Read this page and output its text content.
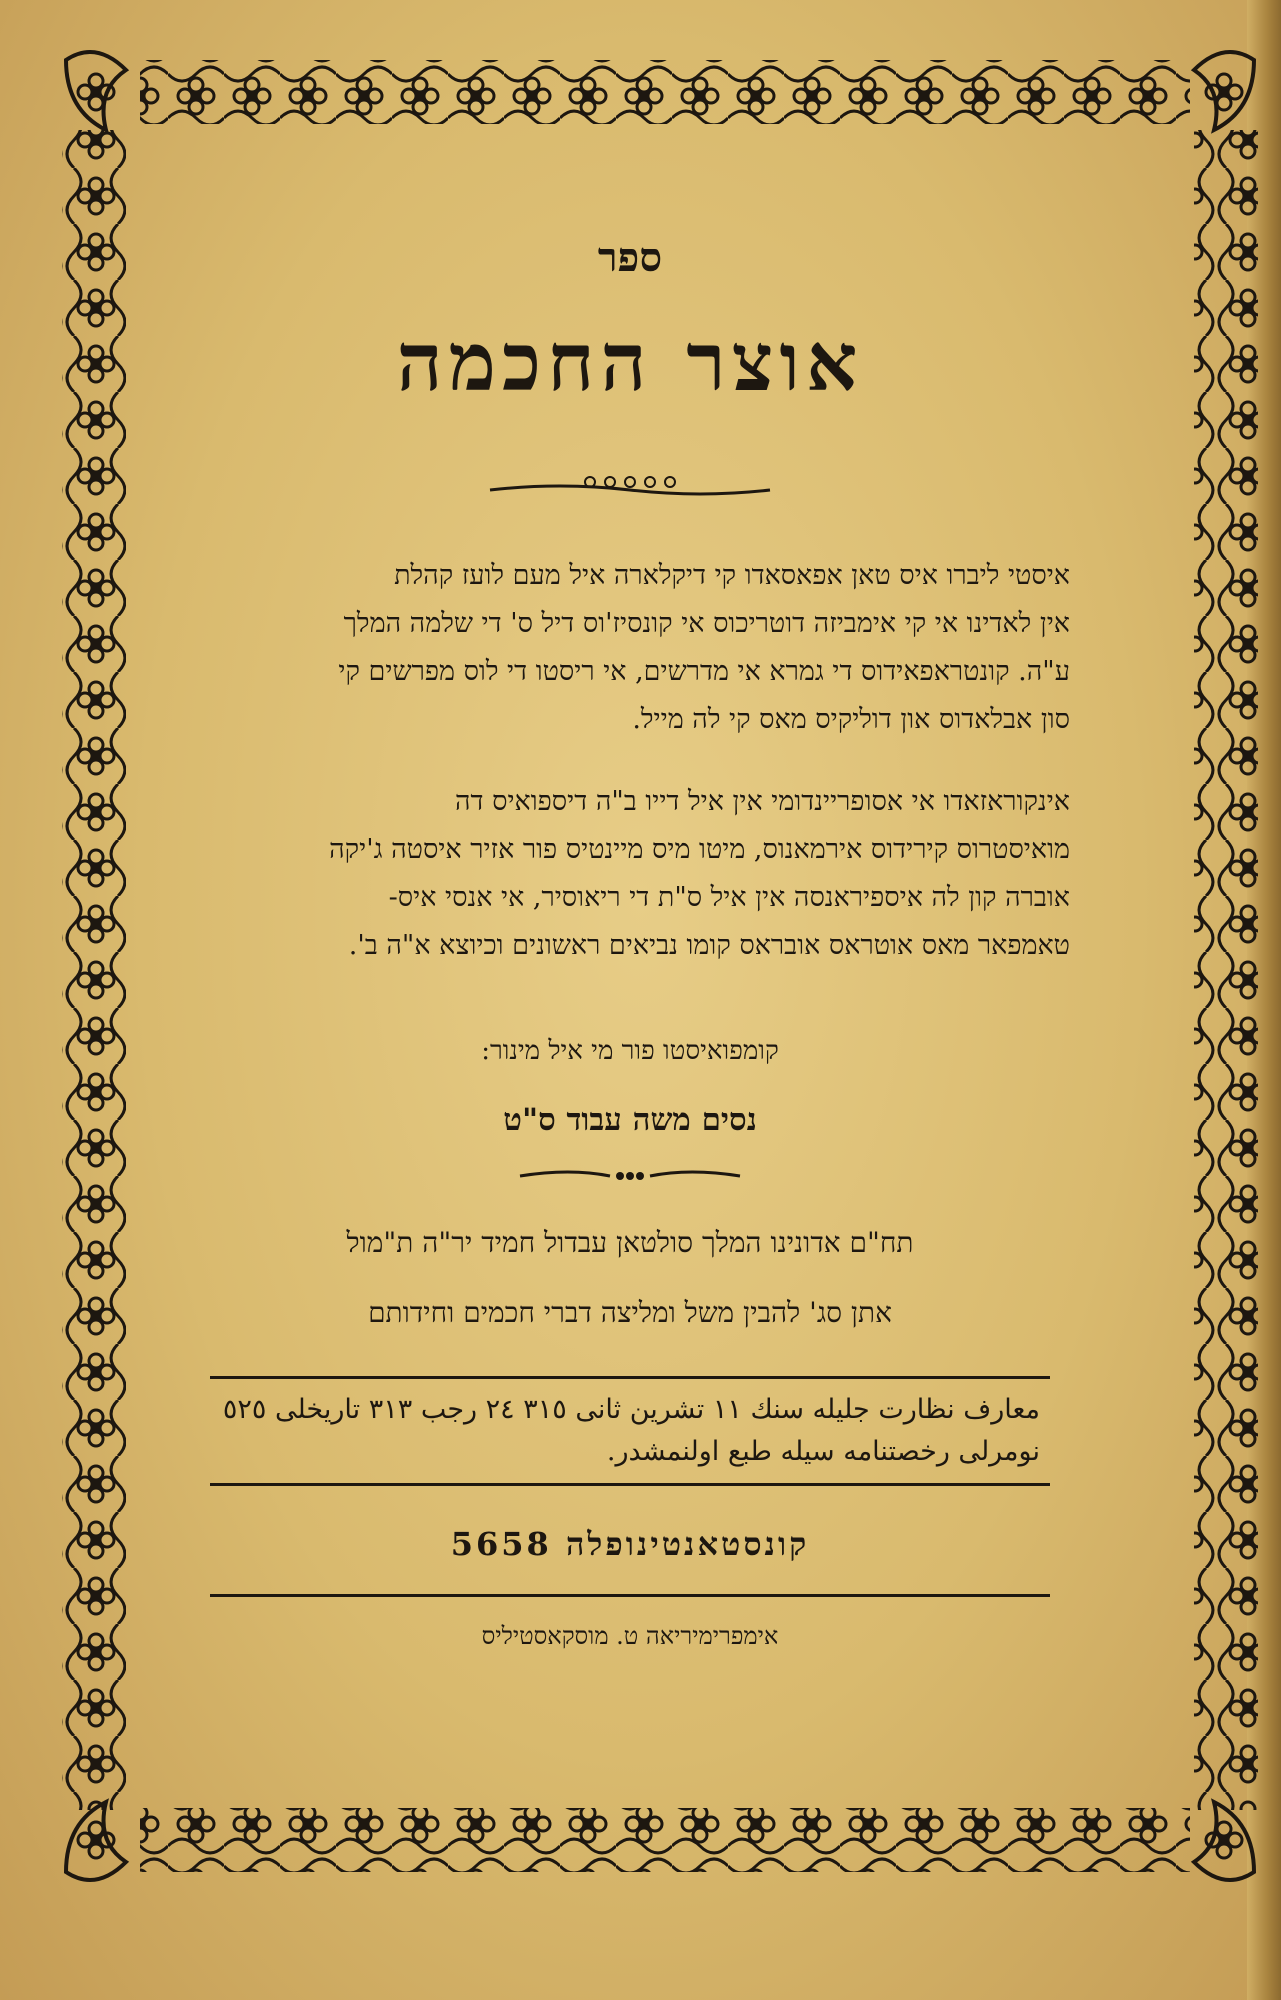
ספר
אוצר החכמה

איסטי ליברו איס טאן אפאסאדו קי דיקלארה איל מעם לועז קהלת

אין לאדינו אי קי אימביזה דוטריכוס אי קונסיז'וס דיל ס' די שלמה המלך

ע"ה. קונטראפאידוס די גמרא אי מדרשים, אי ריסטו די לוס מפרשים קי

סון אבלאדוס און דוליקיס מאס קי לה מייל.

אינקוראזאדו אי אסופריינדומי אין איל דייו ב"ה דיספואיס דה

מואיסטרוס קירידוס אירמאנוס, מיטו מיס מיינטיס פור אזיר איסטה ג'יקה

אוברה קון לה איספיראנסה אין איל ס"ת די ריאוסיר, אי אנסי איס-

טאמפאר מאס אוטראס אובראס קומו נביאים ראשונים וכיוצא א"ה ב'.

קומפואיסטו פור מי איל מינור:
נסים משה עבוד ס"ט
תח"ם אדונינו המלך סולטאן עבדול חמיד יר"ה ת"מול
אתן סג' להבין משל ומליצה דברי חכמים וחידותם
معارف نظارت جليله سنك ١١ تشرين ثانى ٣١٥ ٢٤ رجب ٣١٣ تاريخلى ٥٢٥
نومرلى رخصتنامه سيله طبع اولنمشدر.
קונסטאנטינופלה 5658
אימפרימיריאה ט. מוסקאסטיליס
